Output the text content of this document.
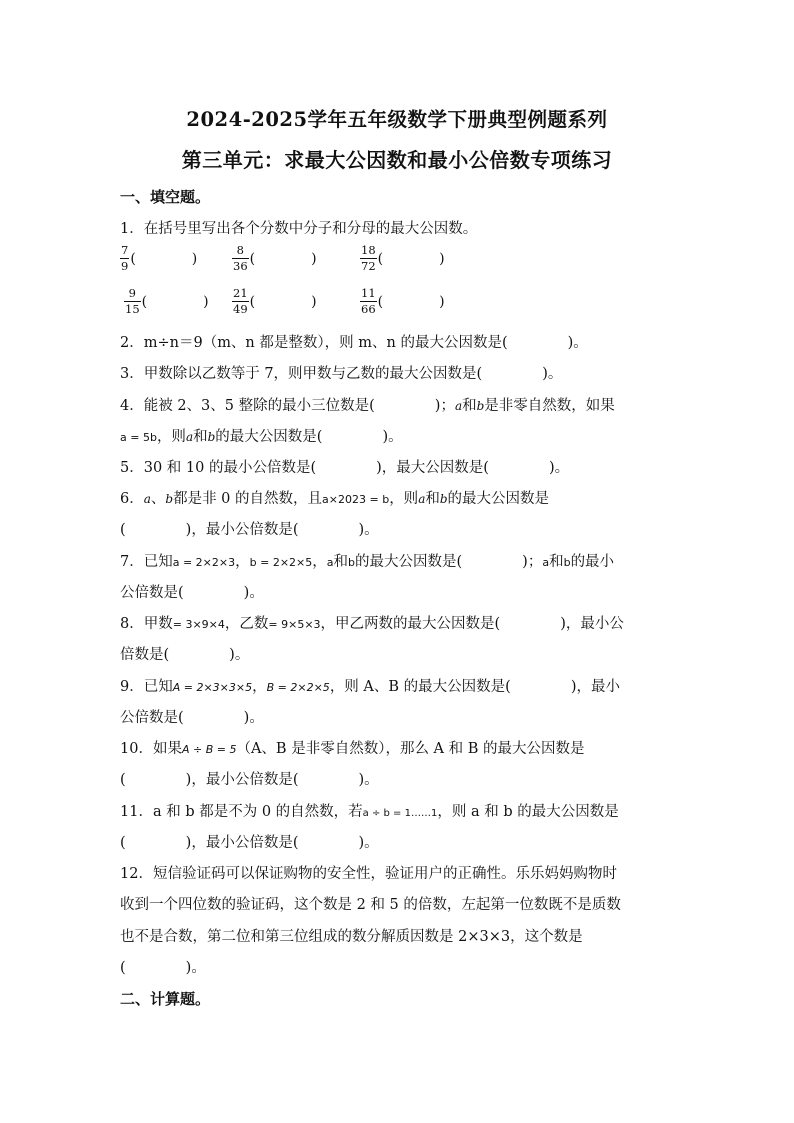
2024-2025学年五年级数学下册典型例题系列
第三单元：求最大公因数和最小公倍数专项练习
一、填空题。
1．在括号里写出各个分数中分子和分母的最大公因数。
$\frac{7}{9}$ (	)	$\frac{8}{36}$ (	)	$\frac{18}{72}$ (	)
$\frac{9}{15}$ (	) $\frac{21}{49}$ (	)	$\frac{11}{66}$ (	)
2．m÷n＝9（m、n 都是整数），则 m、n 的最大公因数是(	)。
3．甲数除以乙数等于 7，则甲数与乙数的最大公因数是(	)。
4．能被 2、3、5 整除的最小三位数是(	)；a和b是非零自然数，如果
a = 5b，则a和b的最大公因数是(	)。
5．30 和 10 的最小公倍数是(	)，最大公因数是(	)。
6．a、b都是非 0 的自然数，且a×2023 = b，则a和b的最大公因数是
(	)，最小公倍数是(	)。
7．已知a = 2×2×3，b = 2×2×5，a和b的最大公因数是(	)；a和b的最小
公倍数是(	)。
8．甲数= 3×9×4，乙数= 9×5×3，甲乙两数的最大公因数是(	)，最小公
倍数是(	)。
9．已知A = 2×3×3×5，B = 2×2×5，则 A、B 的最大公因数是(	)，最小
公倍数是(	)。
10．如果A ÷ B = 5（A、B 是非零自然数），那么 A 和 B 的最大公因数是
(	)，最小公倍数是(	)。
11．a 和 b 都是不为 0 的自然数，若a ÷ b = 1……1，则 a 和 b 的最大公因数是
(	)，最小公倍数是(	)。
12．短信验证码可以保证购物的安全性，验证用户的正确性。乐乐妈妈购物时
收到一个四位数的验证码，这个数是 2 和 5 的倍数，左起第一位数既不是质数
也不是合数，第二位和第三位组成的数分解质因数是 2×3×3，这个数是
(	)。
二、计算题。
